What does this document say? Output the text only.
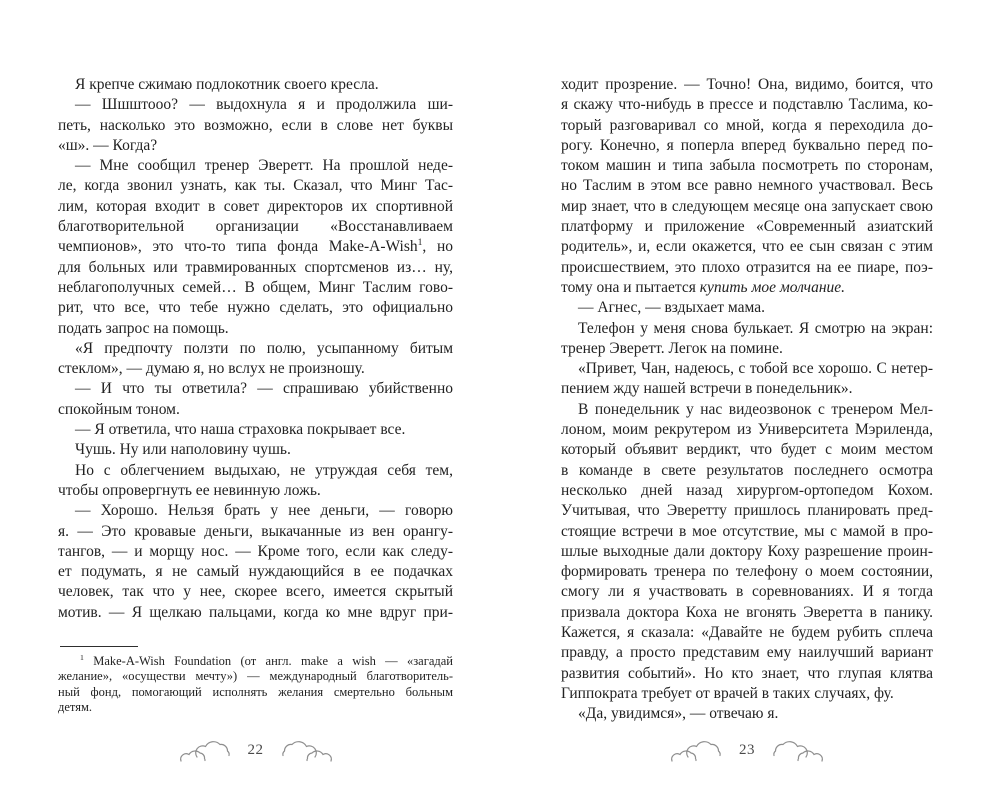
Я крепче сжимаю подлокотник своего кресла.
— Шшштооо? — выдохнула я и продолжила ши-
петь, насколько это возможно, если в слове нет буквы
«ш». — Когда?
— Мне сообщил тренер Эверетт. На прошлой неде-
ле, когда звонил узнать, как ты. Сказал, что Минг Тас-
лим, которая входит в совет директоров их спортивной
благотворительной организации «Восстанавливаем
чемпионов», это что-то типа фонда Make-A-Wish$^1$, но
для больных или травмированных спортсменов из… ну,
неблагополучных семей… В общем, Минг Таслим гово-
рит, что все, что тебе нужно сделать, это официально
подать запрос на помощь.
«Я предпочту ползти по полю, усыпанному битым
стеклом», — думаю я, но вслух не произношу.
— И что ты ответила? — спрашиваю убийственно
спокойным тоном.
— Я ответила, что наша страховка покрывает все.
Чушь. Ну или наполовину чушь.
Но с облегчением выдыхаю, не утруждая себя тем,
чтобы опровергнуть ее невинную ложь.
— Хорошо. Нельзя брать у нее деньги, — говорю
я. — Это кровавые деньги, выкачанные из вен орангу-
тангов, — и морщу нос. — Кроме того, если как следу-
ет подумать, я не самый нуждающийся в ее подачках
человек, так что у нее, скорее всего, имеется скрытый
мотив. — Я щелкаю пальцами, когда ко мне вдруг при-
$^1$ Make-A-Wish Foundation (от англ. make a wish — «загадай
желание», «осуществи мечту») — международный благотворитель-
ный фонд, помогающий исполнять желания смертельно больным
детям.
22
ходит прозрение. — Точно! Она, видимо, боится, что
я скажу что-нибудь в прессе и подставлю Таслима, ко-
торый разговаривал со мной, когда я переходила до-
рогу. Конечно, я поперла вперед буквально перед по-
током машин и типа забыла посмотреть по сторонам,
но Таслим в этом все равно немного участвовал. Весь
мир знает, что в следующем месяце она запускает свою
платформу и приложение «Современный азиатский
родитель», и, если окажется, что ее сын связан с этим
происшествием, это плохо отразится на ее пиаре, поэ-
тому она и пытается купить мое молчание.
— Агнес, — вздыхает мама.
Телефон у меня снова булькает. Я смотрю на экран:
тренер Эверетт. Легок на помине.
«Привет, Чан, надеюсь, с тобой все хорошо. С нетер-
пением жду нашей встречи в понедельник».
В понедельник у нас видеозвонок с тренером Мел-
лоном, моим рекрутером из Университета Мэриленда,
который объявит вердикт, что будет с моим местом
в команде в свете результатов последнего осмотра
несколько дней назад хирургом-ортопедом Кохом.
Учитывая, что Эверетту пришлось планировать пред-
стоящие встречи в мое отсутствие, мы с мамой в про-
шлые выходные дали доктору Коху разрешение проин-
формировать тренера по телефону о моем состоянии,
смогу ли я участвовать в соревнованиях. И я тогда
призвала доктора Коха не вгонять Эверетта в панику.
Кажется, я сказала: «Давайте не будем рубить сплеча
правду, а просто представим ему наилучший вариант
развития событий». Но кто знает, что глупая клятва
Гиппократа требует от врачей в таких случаях, фу.
«Да, увидимся», — отвечаю я.
23
